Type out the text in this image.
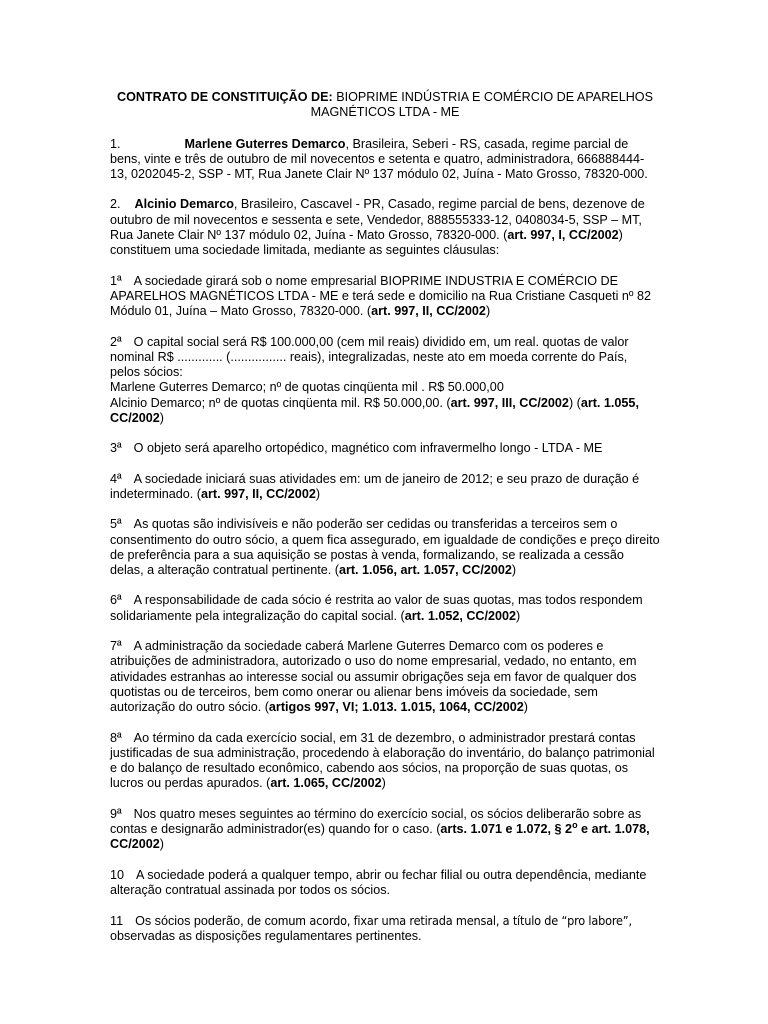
CONTRATO DE CONSTITUIÇÃO DE: BIOPRIME INDÚSTRIA E COMÉRCIO DE APARELHOS MAGNÉTICOS LTDA - ME

1.	Marlene Guterres Demarco, Brasileira, Seberi - RS, casada, regime parcial de bens, vinte e três de outubro de mil novecentos e setenta e quatro, administradora, 666888444-13, 0202045-2, SSP - MT, Rua Janete Clair Nº 137 módulo 02, Juína - Mato Grosso, 78320-000.

2. Alcinio Demarco, Brasileiro, Cascavel - PR, Casado, regime parcial de bens, dezenove de outubro de mil novecentos e sessenta e sete, Vendedor, 888555333-12, 0408034-5, SSP – MT, Rua Janete Clair Nº 137 módulo 02, Juína - Mato Grosso, 78320-000. (art. 997, I, CC/2002) constituem uma sociedade limitada, mediante as seguintes cláusulas:

1ª A sociedade girará sob o nome empresarial BIOPRIME INDUSTRIA E COMÉRCIO DE APARELHOS MAGNÉTICOS LTDA - ME e terá sede e domicilio na Rua Cristiane Casqueti nº 82 Módulo 01, Juína – Mato Grosso, 78320-000. (art. 997, II, CC/2002)

2ª O capital social será R$ 100.000,00 (cem mil reais) dividido em, um real. quotas de valor nominal R$ ............. (................ reais), integralizadas, neste ato em moeda corrente do País, pelos sócios:
Marlene Guterres Demarco; nº de quotas cinqüenta mil . R$ 50.000,00
Alcinio Demarco; nº de quotas cinqüenta mil. R$ 50.000,00. (art. 997, III, CC/2002) (art. 1.055, CC/2002)

3ª O objeto será aparelho ortopédico, magnético com infravermelho longo - LTDA - ME

4ª A sociedade iniciará suas atividades em: um de janeiro de 2012; e seu prazo de duração é indeterminado. (art. 997, II, CC/2002)

5ª As quotas são indivisíveis e não poderão ser cedidas ou transferidas a terceiros sem o consentimento do outro sócio, a quem fica assegurado, em igualdade de condições e preço direito de preferência para a sua aquisição se postas à venda, formalizando, se realizada a cessão delas, a alteração contratual pertinente. (art. 1.056, art. 1.057, CC/2002)

6ª A responsabilidade de cada sócio é restrita ao valor de suas quotas, mas todos respondem solidariamente pela integralização do capital social. (art. 1.052, CC/2002)

7ª A administração da sociedade caberá Marlene Guterres Demarco com os poderes e atribuições de administradora, autorizado o uso do nome empresarial, vedado, no entanto, em atividades estranhas ao interesse social ou assumir obrigações seja em favor de qualquer dos quotistas ou de terceiros, bem como onerar ou alienar bens imóveis da sociedade, sem autorização do outro sócio. (artigos 997, VI; 1.013. 1.015, 1064, CC/2002)

8ª Ao término da cada exercício social, em 31 de dezembro, o administrador prestará contas justificadas de sua administração, procedendo à elaboração do inventário, do balanço patrimonial e do balanço de resultado econômico, cabendo aos sócios, na proporção de suas quotas, os lucros ou perdas apurados. (art. 1.065, CC/2002)

9ª Nos quatro meses seguintes ao término do exercício social, os sócios deliberarão sobre as contas e designarão administrador(es) quando for o caso. (arts. 1.071 e 1.072, § 2$^o$ e art. 1.078, CC/2002)

10 A sociedade poderá a qualquer tempo, abrir ou fechar filial ou outra dependência, mediante alteração contratual assinada por todos os sócios.

11 Os sócios poderão, de comum acordo, fixar uma retirada mensal, a título de “pro labore”, observadas as disposições regulamentares pertinentes.
